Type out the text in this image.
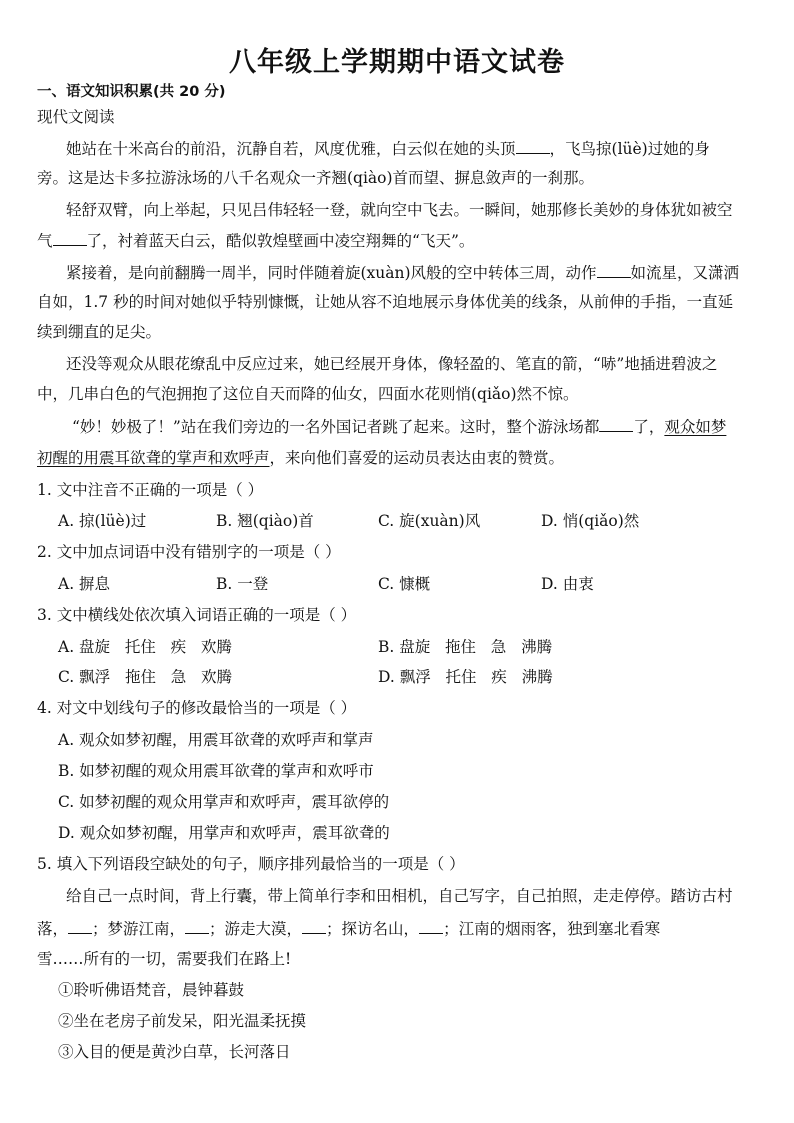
八年级上学期期中语文试卷
一、语文知识积累(共 20 分)
现代文阅读
她站在十米高台的前沿，沉静自若，风度优雅，白云似在她的头顶 ，飞鸟掠(lüè)过她的身
旁。这是达卡多拉游泳场的八千名观众一齐翘(qiào)首而望、摒息敛声的一刹那。
轻舒双臂，向上举起，只见吕伟轻轻一登，就向空中飞去。一瞬间，她那修长美妙的身体犹如被空
气 了，衬着蓝天白云，酷似敦煌壁画中凌空翔舞的“飞天”。
紧接着，是向前翻腾一周半，同时伴随着旋(xuàn)风般的空中转体三周，动作 如流星，又潇洒
自如，1.7 秒的时间对她似乎特别慷慨，让她从容不迫地展示身体优美的线条，从前伸的手指，一直延
续到绷直的足尖。
还没等观众从眼花缭乱中反应过来，她已经展开身体，像轻盈的、笔直的箭，“哧”地插进碧波之
中，几串白色的气泡拥抱了这位自天而降的仙女，四面水花则悄(qiǎo)然不惊。
“妙！妙极了！”站在我们旁边的一名外国记者跳了起来。这时，整个游泳场都 了，观众如梦
初醒的用震耳欲聋的掌声和欢呼声，来向他们喜爱的运动员表达由衷的赞赏。
1. 文中注音不正确的一项是（ ）
A. 掠(lüè)过	B. 翘(qiào)首	C. 旋(xuàn)风	D. 悄(qiǎo)然
2. 文中加点词语中没有错别字的一项是（ ）
A. 摒息	B. 一登	C. 慷概	D. 由衷
3. 文中横线处依次填入词语正确的一项是（ ）
A. 盘旋   托住   疾   欢腾	B. 盘旋   拖住   急   沸腾
C. 飘浮   拖住   急   欢腾	D. 飘浮   托住   疾   沸腾
4. 对文中划线句子的修改最恰当的一项是（ ）
A. 观众如梦初醒，用震耳欲聋的欢呼声和掌声
B. 如梦初醒的观众用震耳欲聋的掌声和欢呼市
C. 如梦初醒的观众用掌声和欢呼声，震耳欲停的
D. 观众如梦初醒，用掌声和欢呼声，震耳欲聋的
5. 填入下列语段空缺处的句子，顺序排列最恰当的一项是（ ）
给自己一点时间，背上行囊，带上简单行李和田相机，自己写字，自己拍照，走走停停。踏访古村
落， ；梦游江南， ；游走大漠， ；探访名山， ；江南的烟雨客，独到塞北看寒
雪……所有的一切，需要我们在路上!
①聆听佛语梵音，晨钟暮鼓
②坐在老房子前发呆，阳光温柔抚摸
③入目的便是黄沙白草，长河落日
